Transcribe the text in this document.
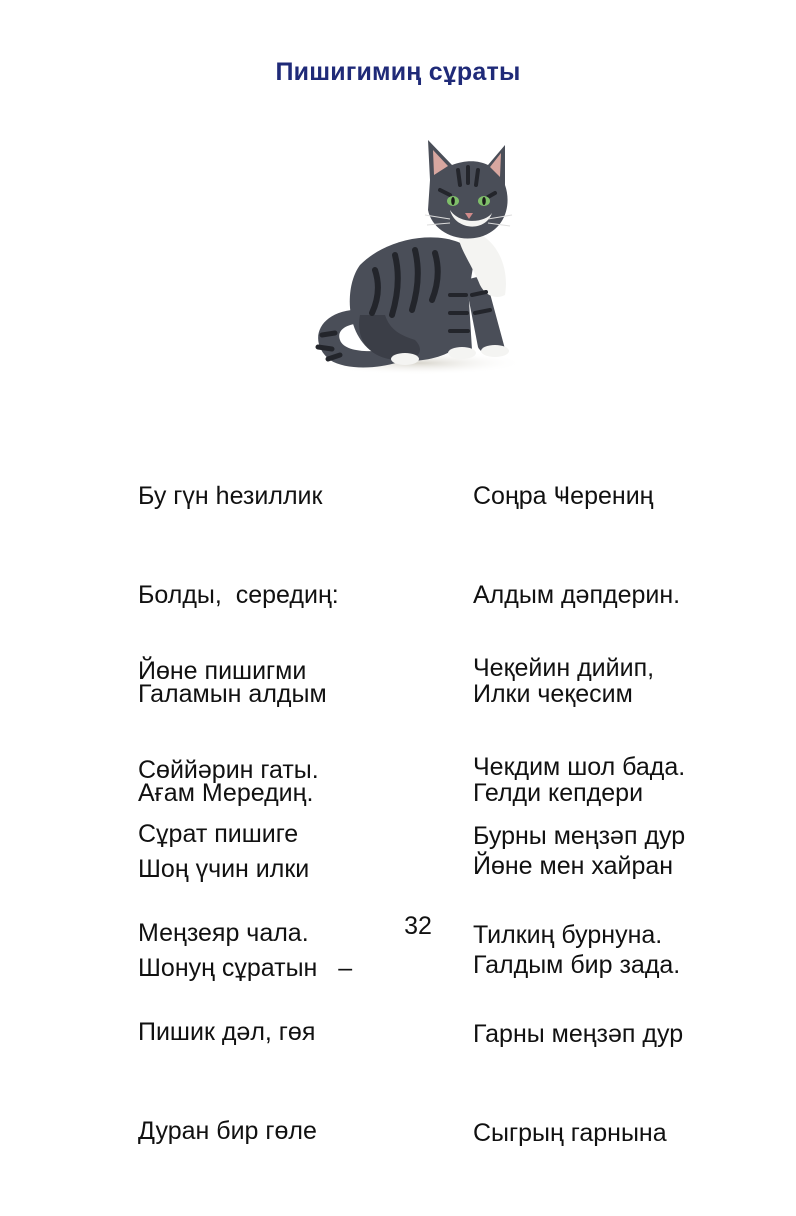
Пишигимиң сұраты

Бу гүн һезиллик

Болды,  середиң:

Галамын алдым

Ағам Мередиң.

Йөне пишигми

Сөййәрин гаты.

Шоң үчин илки

Шонуң сұратын   –

Сұрат пишиге

Меңзеяр чала.

Пишик дәл, гөя

Дуран бир гөле

Соңра Ҹерениң

Алдым дәпдерин.

Илки чеқесим

Гелди кепдери

Чеқейин дийип,

Чекдим шол бада.

Йөне мен хайран

Галдым бир зада.

Бурны меңзәп дур

Тилкиң бурнуна.

Гарны меңзәп дур

Сыгрың гарнына

32
